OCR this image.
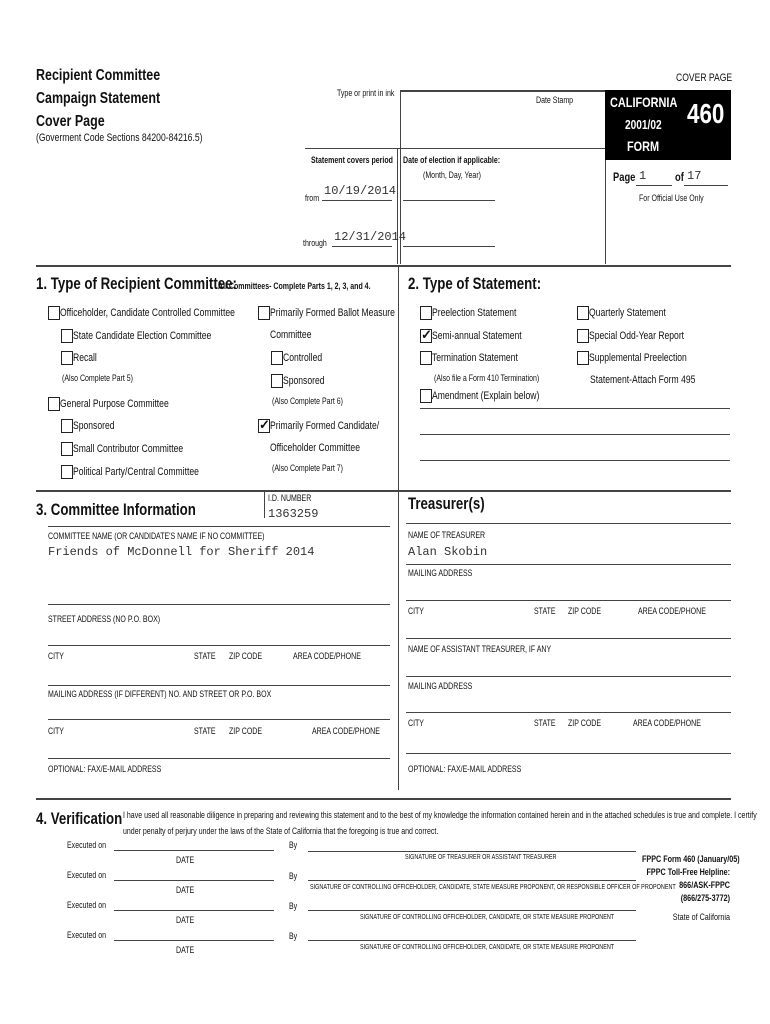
Recipient Committee
Campaign Statement
Cover Page
(Goverment Code Sections 84200-84216.5)
Type or print in ink
COVER PAGE
Date Stamp	CALIFORNIA
2001/02
FORM
460
Page 1 of 17
For Official Use Only
Statement covers period Date of election if applicable:
(Month, Day, Year)
from 10/19/2014
through 12/31/2014
1. Type of Recipient Committee:
All Committees- Complete Parts 1, 2, 3, and 4.
Officeholder, Candidate Controlled Committee
State Candidate Election Committee
Recall
(Also Complete Part 5)
General Purpose Committee
Sponsored
Small Contributor Committee
Political Party/Central Committee
Primarily Formed Ballot Measure
Committee
Controlled
Sponsored
(Also Complete Part 6)
✓ Primarily Formed Candidate/
Officeholder Committee
(Also Complete Part 7)
2. Type of Statement:
Preelection Statement
✓ Semi-annual Statement
Termination Statement
(Also file a Form 410 Termination)
Amendment (Explain below)
Quarterly Statement
Special Odd-Year Report
Supplemental Preelection
Statement-Attach Form 495
3. Committee Information
I.D. NUMBER
1363259
COMMITTEE NAME (OR CANDIDATE'S NAME IF NO COMMITTEE)
Friends of McDonnell for Sheriff 2014
STREET ADDRESS (NO P.O. BOX)
CITY	STATE ZIP CODE	AREA CODE/PHONE
MAILING ADDRESS (IF DIFFERENT) NO. AND STREET OR P.O. BOX
CITY	STATE ZIP CODE	AREA CODE/PHONE
OPTIONAL: FAX/E-MAIL ADDRESS
Treasurer(s)
NAME OF TREASURER
Alan Skobin
MAILING ADDRESS
CITY	STATE ZIP CODE	AREA CODE/PHONE
NAME OF ASSISTANT TREASURER, IF ANY
MAILING ADDRESS
CITY	STATE ZIP CODE	AREA CODE/PHONE
OPTIONAL: FAX/E-MAIL ADDRESS
4. Verification I have used all reasonable diligence in preparing and reviewing this statement and to the best of my knowledge the information contained herein and in the attached schedules is true and complete. I certify
under penalty of perjury under the laws of the State of California that the foregoing is true and correct.
Executed on
DATE
By
SIGNATURE OF TREASURER OR ASSISTANT TREASURER
Executed on
DATE
By
SIGNATURE OF CONTROLLING OFFICEHOLDER, CANDIDATE, STATE MEASURE PROPONENT, OR RESPONSIBLE OFFICER OF PROPONENT
Executed on
DATE
By
SIGNATURE OF CONTROLLING OFFICEHOLDER, CANDIDATE, OR STATE MEASURE PROPONENT
Executed on
DATE
By
SIGNATURE OF CONTROLLING OFFICEHOLDER, CANDIDATE, OR STATE MEASURE PROPONENT
FPPC Form 460 (January/05)
FPPC Toll-Free Helpline:
866/ASK-FPPC
(866/275-3772)
State of California
